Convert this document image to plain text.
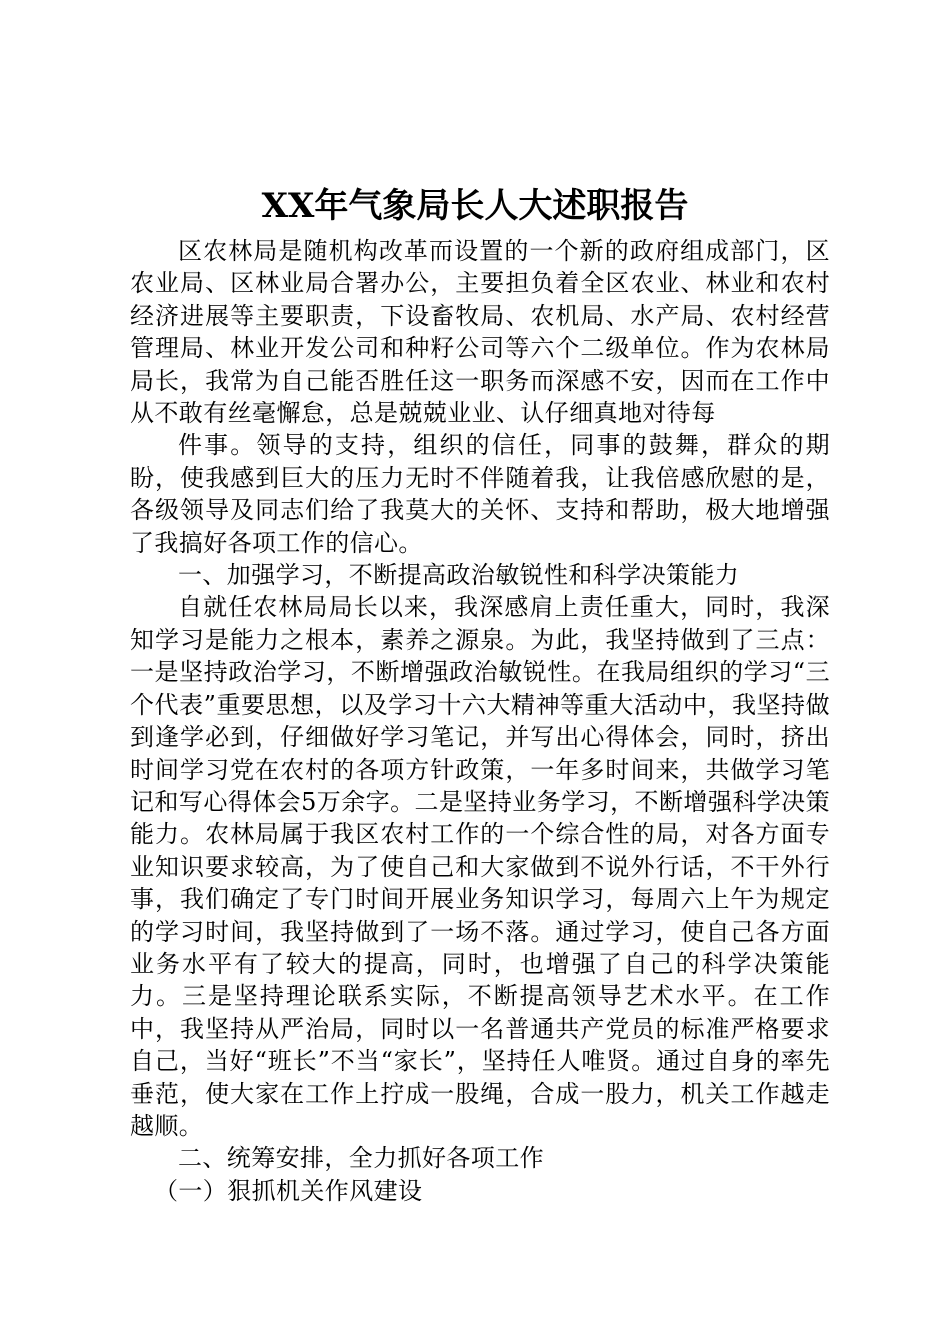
XX年气象局长人大述职报告

区农林局是随机构改革而设置的一个新的政府组成部门，区农业局、区林业局合署办公，主要担负着全区农业、林业和农村经济进展等主要职责，下设畜牧局、农机局、水产局、农村经营管理局、林业开发公司和种籽公司等六个二级单位。作为农林局局长，我常为自己能否胜任这一职务而深感不安，因而在工作中从不敢有丝毫懈怠，总是兢兢业业、认仔细真地对待每

件事。领导的支持，组织的信任，同事的鼓舞，群众的期盼，使我感到巨大的压力无时不伴随着我，让我倍感欣慰的是，各级领导及同志们给了我莫大的关怀、支持和帮助，极大地增强了我搞好各项工作的信心。

一、加强学习，不断提高政治敏锐性和科学决策能力

自就任农林局局长以来，我深感肩上责任重大，同时，我深知学习是能力之根本，素养之源泉。为此，我坚持做到了三点：一是坚持政治学习，不断增强政治敏锐性。在我局组织的学习“三个代表”重要思想，以及学习十六大精神等重大活动中，我坚持做到逢学必到，仔细做好学习笔记，并写出心得体会，同时，挤出时间学习党在农村的各项方针政策，一年多时间来，共做学习笔记和写心得体会5万余字。二是坚持业务学习，不断增强科学决策能力。农林局属于我区农村工作的一个综合性的局，对各方面专业知识要求较高，为了使自己和大家做到不说外行话，不干外行事，我们确定了专门时间开展业务知识学习，每周六上午为规定的学习时间，我坚持做到了一场不落。通过学习，使自己各方面业务水平有了较大的提高，同时，也增强了自己的科学决策能力。三是坚持理论联系实际，不断提高领导艺术水平。在工作中，我坚持从严治局，同时以一名普通共产党员的标准严格要求自己，当好“班长”不当“家长”，坚持任人唯贤。通过自身的率先垂范，使大家在工作上拧成一股绳，合成一股力，机关工作越走越顺。

二、统筹安排，全力抓好各项工作

（一）狠抓机关作风建设
